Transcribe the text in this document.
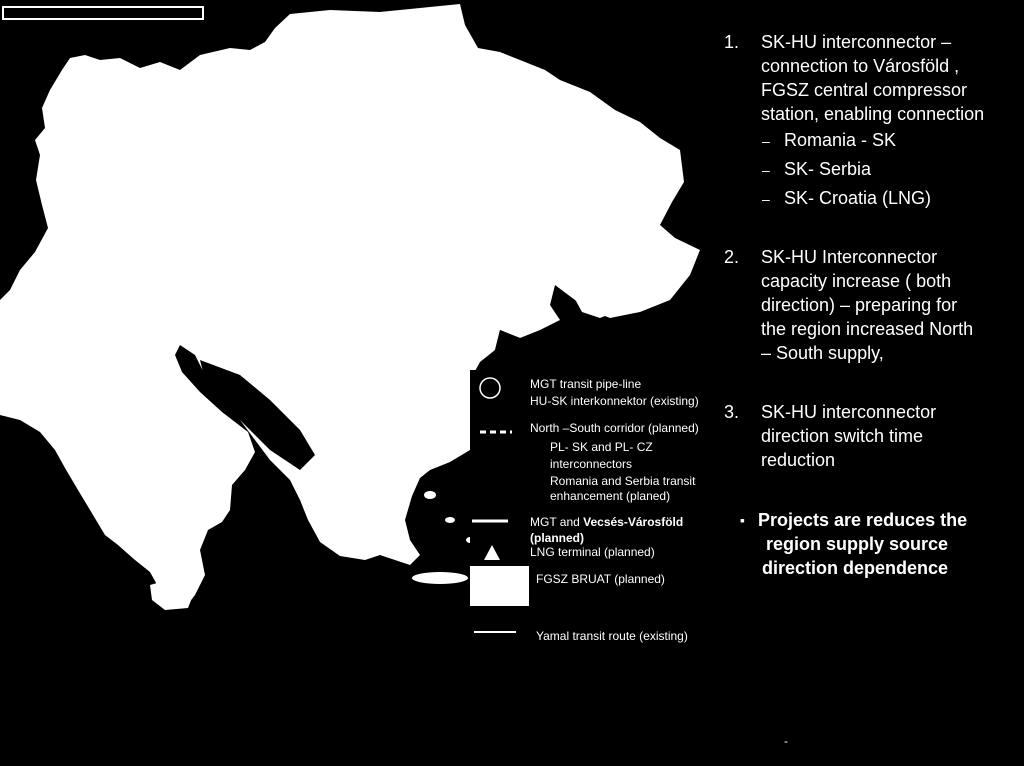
Város
MGT transit pipe-line
HU-SK interkonnektor (existing)
North –South corridor (planned)
PL- SK and PL- CZ
interconnectors
Romania and Serbia transit
enhancement (planed)
MGT and Vecsés-Városföld
(planned)
LNG terminal (planned)
FGSZ BRUAT (planned)
Yamal transit route (existing)
1. SK-HU interconnector –
connection to Városföld ,
FGSZ central compressor
station, enabling connection
– Romania - SK
– SK- Serbia
– SK- Croatia (LNG)
2. SK-HU Interconnector
capacity increase ( both
direction) – preparing for
the region increased North
– South supply,
3. SK-HU interconnector
direction switch time
reduction
▪ Projects are reduces the
region supply source
direction dependence
-
